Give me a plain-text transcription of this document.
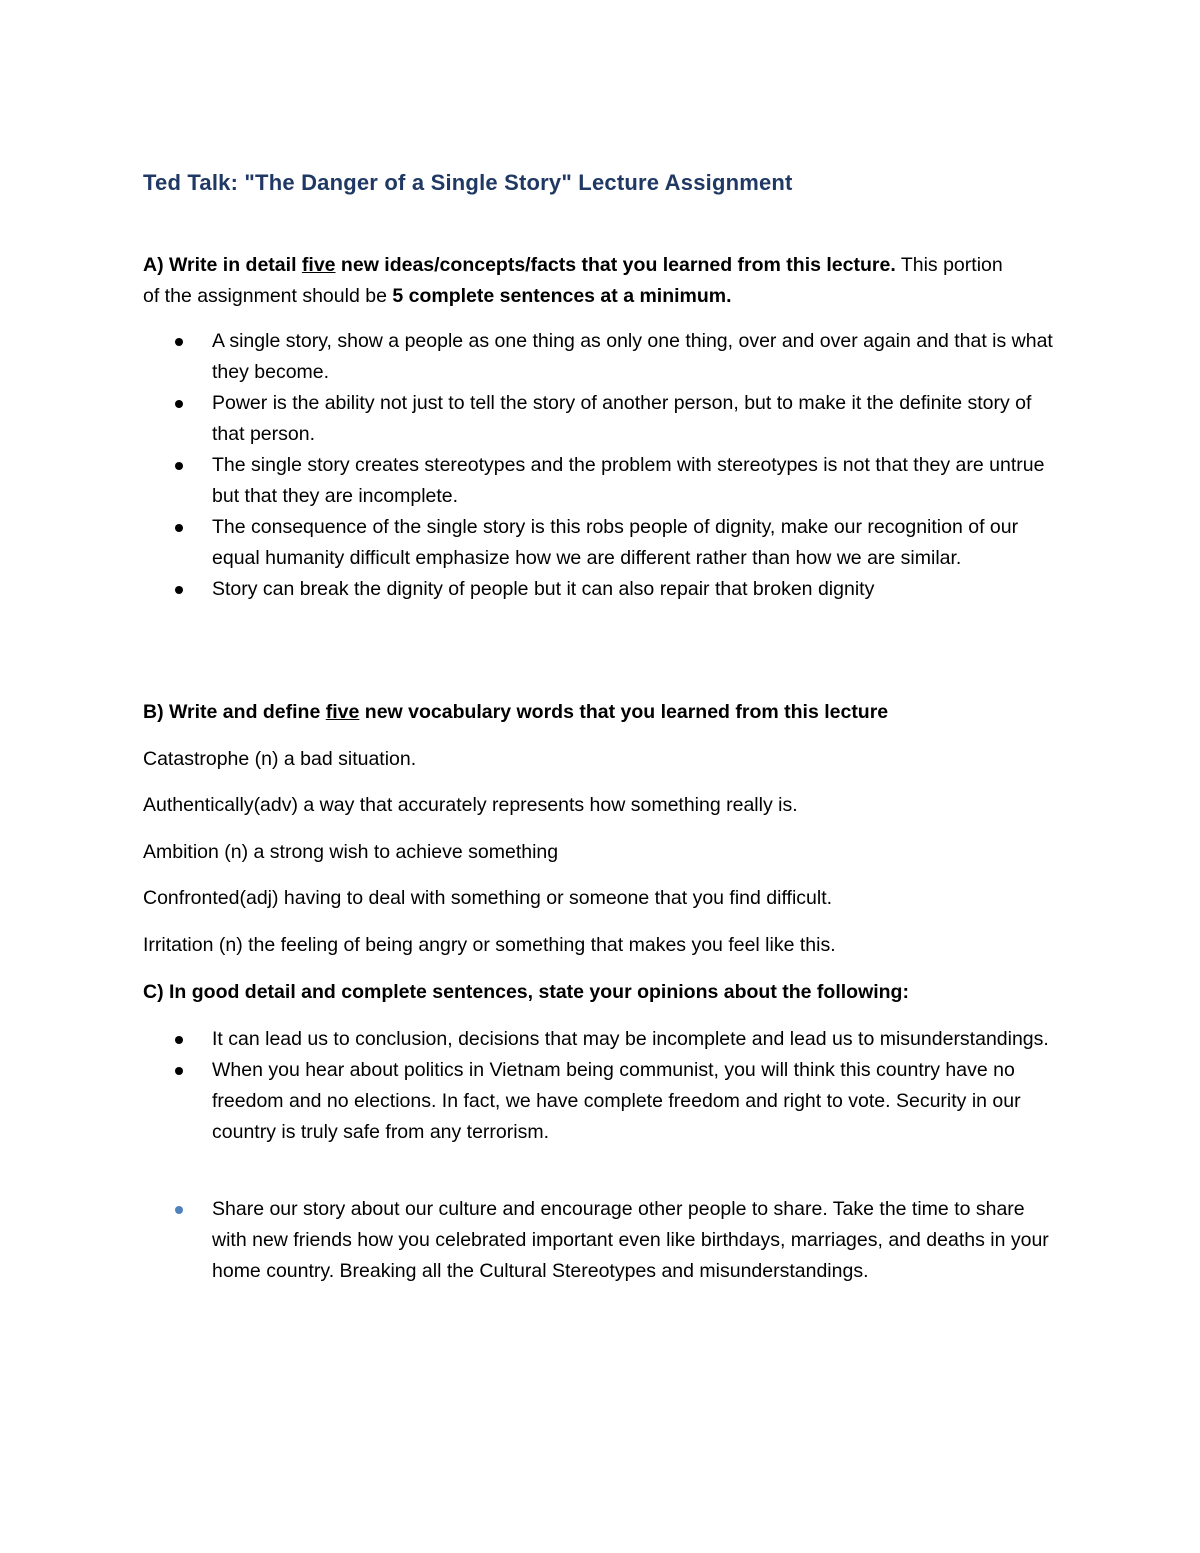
Ted Talk: "The Danger of a Single Story" Lecture Assignment
A) Write in detail five new ideas/concepts/facts that you learned from this lecture. This portion of the assignment should be 5 complete sentences at a minimum.
A single story, show a people as one thing as only one thing, over and over again and that is what they become.
Power is the ability not just to tell the story of another person, but to make it the definite story of that person.
The single story creates stereotypes and the problem with stereotypes is not that they are untrue but that they are incomplete.
The consequence of the single story is this robs people of dignity, make our recognition of our equal humanity difficult emphasize how we are different rather than how we are similar.
Story can break the dignity of people but it can also repair that broken dignity
B) Write and define five new vocabulary words that you learned from this lecture
Catastrophe (n) a bad situation.
Authentically(adv) a way that accurately represents how something really is.
Ambition (n) a strong wish to achieve something
Confronted(adj) having to deal with something or someone that you find difficult.
Irritation (n) the feeling of being angry or something that makes you feel like this.
C) In good detail and complete sentences, state your opinions about the following:
It can lead us to conclusion, decisions that may be incomplete and lead us to misunderstandings.
When you hear about politics in Vietnam being communist, you will think this country have no freedom and no elections. In fact, we have complete freedom and right to vote. Security in our country is truly safe from any terrorism.
Share our story about our culture and encourage other people to share. Take the time to share with new friends how you celebrated important even like birthdays, marriages, and deaths in your home country. Breaking all the Cultural Stereotypes and misunderstandings.
